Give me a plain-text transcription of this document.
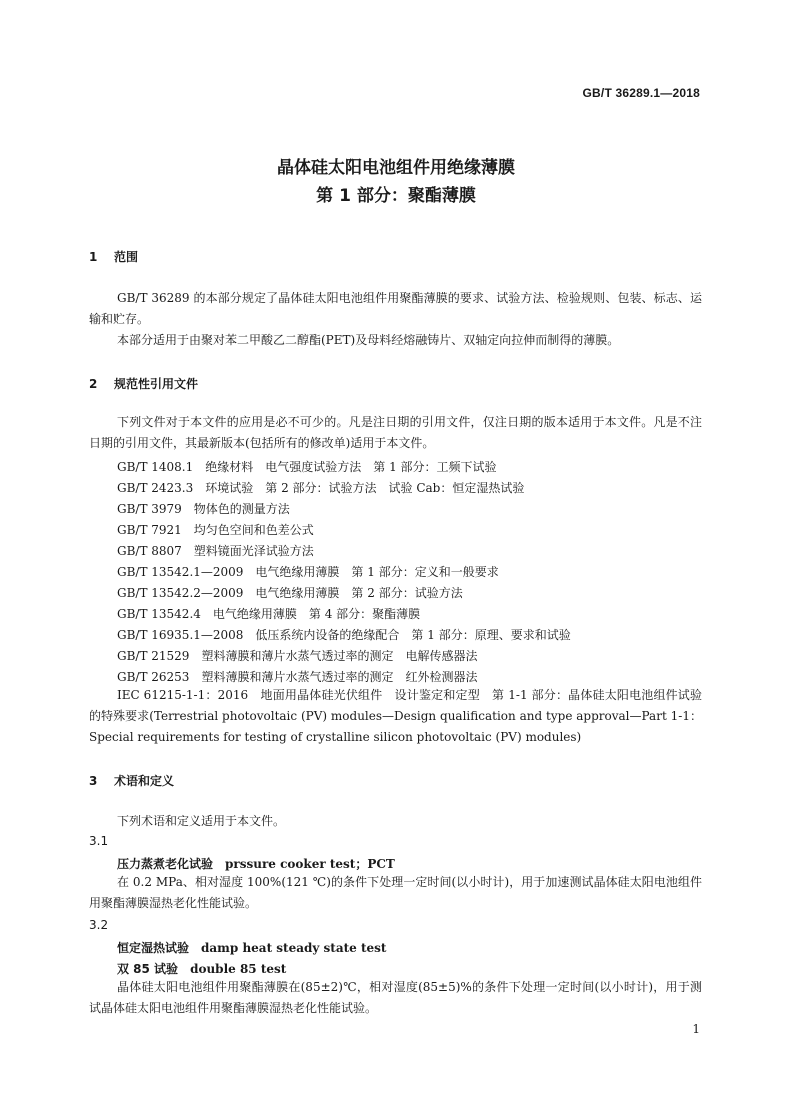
GB/T 36289.1—2018
晶体硅太阳电池组件用绝缘薄膜
第 1 部分：聚酯薄膜
1 范围
GB/T 36289 的本部分规定了晶体硅太阳电池组件用聚酯薄膜的要求、试验方法、检验规则、包装、标志、运输和贮存。
本部分适用于由聚对苯二甲酸乙二醇酯(PET)及母料经熔融铸片、双轴定向拉伸而制得的薄膜。
2 规范性引用文件
下列文件对于本文件的应用是必不可少的。凡是注日期的引用文件，仅注日期的版本适用于本文件。凡是不注日期的引用文件，其最新版本(包括所有的修改单)适用于本文件。
GB/T 1408.1　绝缘材料　电气强度试验方法　第 1 部分：工频下试验
GB/T 2423.3　环境试验　第 2 部分：试验方法　试验 Cab：恒定湿热试验
GB/T 3979　物体色的测量方法
GB/T 7921　均匀色空间和色差公式
GB/T 8807　塑料镜面光泽试验方法
GB/T 13542.1—2009　电气绝缘用薄膜　第 1 部分：定义和一般要求
GB/T 13542.2—2009　电气绝缘用薄膜　第 2 部分：试验方法
GB/T 13542.4　电气绝缘用薄膜　第 4 部分：聚酯薄膜
GB/T 16935.1—2008　低压系统内设备的绝缘配合　第 1 部分：原理、要求和试验
GB/T 21529　塑料薄膜和薄片水蒸气透过率的测定　电解传感器法
GB/T 26253　塑料薄膜和薄片水蒸气透过率的测定　红外检测器法
IEC 61215-1-1：2016　地面用晶体硅光伏组件　设计鉴定和定型　第 1-1 部分：晶体硅太阳电池组件试验的特殊要求(Terrestrial photovoltaic (PV) modules—Design qualification and type approval—Part 1-1：Special requirements for testing of crystalline silicon photovoltaic (PV) modules)
3 术语和定义
下列术语和定义适用于本文件。
3.1
压力蒸煮老化试验 prssure cooker test；PCT
在 0.2 MPa、相对湿度 100%(121 ℃)的条件下处理一定时间(以小时计)，用于加速测试晶体硅太阳电池组件用聚酯薄膜湿热老化性能试验。
3.2
恒定湿热试验 damp heat steady state test
双 85 试验 double 85 test
晶体硅太阳电池组件用聚酯薄膜在(85±2)℃，相对湿度(85±5)%的条件下处理一定时间(以小时计)，用于测试晶体硅太阳电池组件用聚酯薄膜湿热老化性能试验。
1
